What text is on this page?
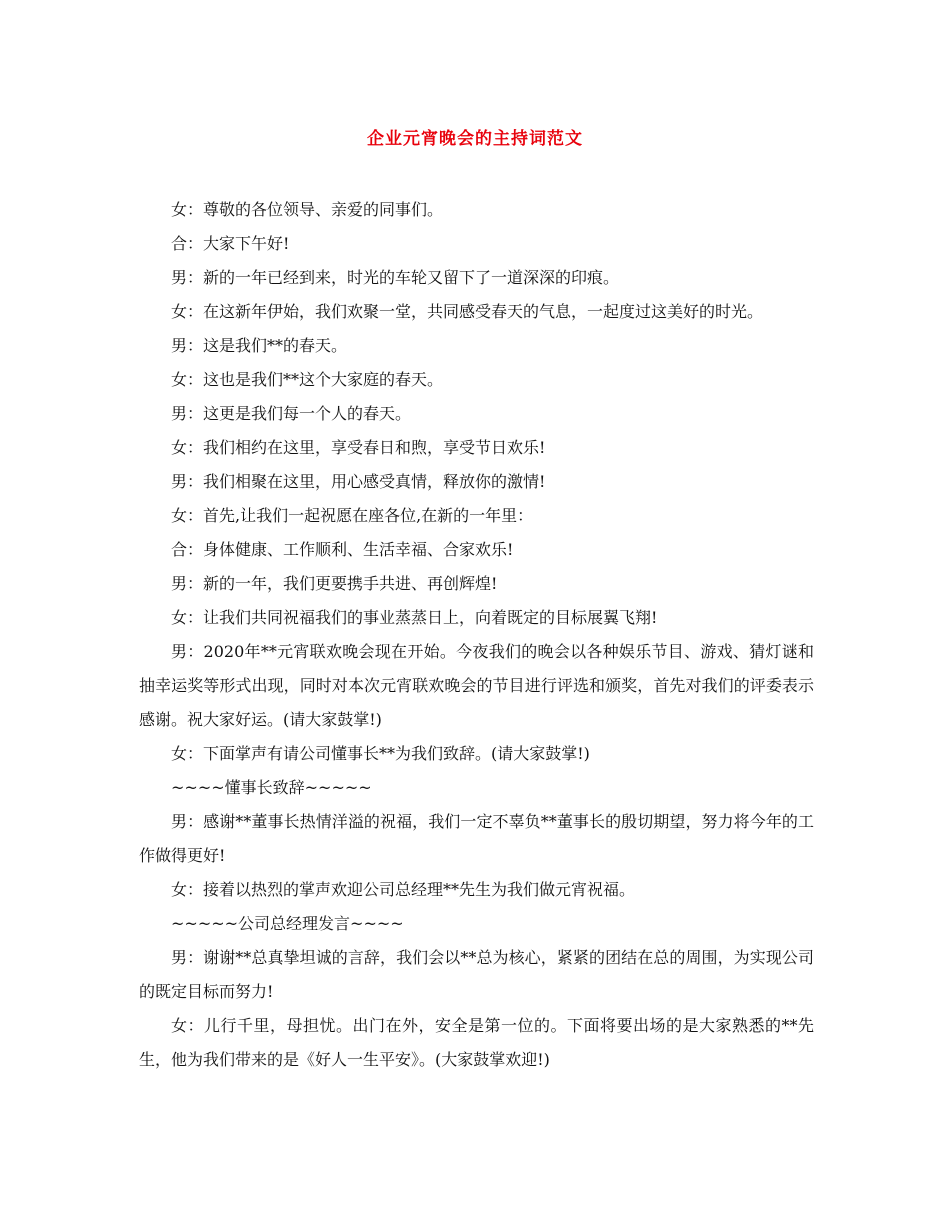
企业元宵晚会的主持词范文

女：尊敬的各位领导、亲爱的同事们。

合：大家下午好!

男：新的一年已经到来，时光的车轮又留下了一道深深的印痕。

女：在这新年伊始，我们欢聚一堂，共同感受春天的气息，一起度过这美好的时光。

男：这是我们**的春天。

女：这也是我们**这个大家庭的春天。

男：这更是我们每一个人的春天。

女：我们相约在这里，享受春日和煦，享受节日欢乐!

男：我们相聚在这里，用心感受真情，释放你的激情!

女：首先,让我们一起祝愿在座各位,在新的一年里：

合：身体健康、工作顺利、生活幸福、合家欢乐!

男：新的一年，我们更要携手共进、再创辉煌!

女：让我们共同祝福我们的事业蒸蒸日上，向着既定的目标展翼飞翔!

男：2020年**元宵联欢晚会现在开始。今夜我们的晚会以各种娱乐节目、游戏、猜灯谜和抽幸运奖等形式出现，同时对本次元宵联欢晚会的节目进行评选和颁奖，首先对我们的评委表示感谢。祝大家好运。(请大家鼓掌!)

女：下面掌声有请公司懂事长**为我们致辞。(请大家鼓掌!)

~~~~懂事长致辞~~~~~

男：感谢**董事长热情洋溢的祝福，我们一定不辜负**董事长的殷切期望，努力将今年的工作做得更好!

女：接着以热烈的掌声欢迎公司总经理**先生为我们做元宵祝福。

~~~~~公司总经理发言~~~~

男：谢谢**总真挚坦诚的言辞，我们会以**总为核心，紧紧的团结在总的周围，为实现公司的既定目标而努力!

女：儿行千里，母担忧。出门在外，安全是第一位的。下面将要出场的是大家熟悉的**先生，他为我们带来的是《好人一生平安》。(大家鼓掌欢迎!)
